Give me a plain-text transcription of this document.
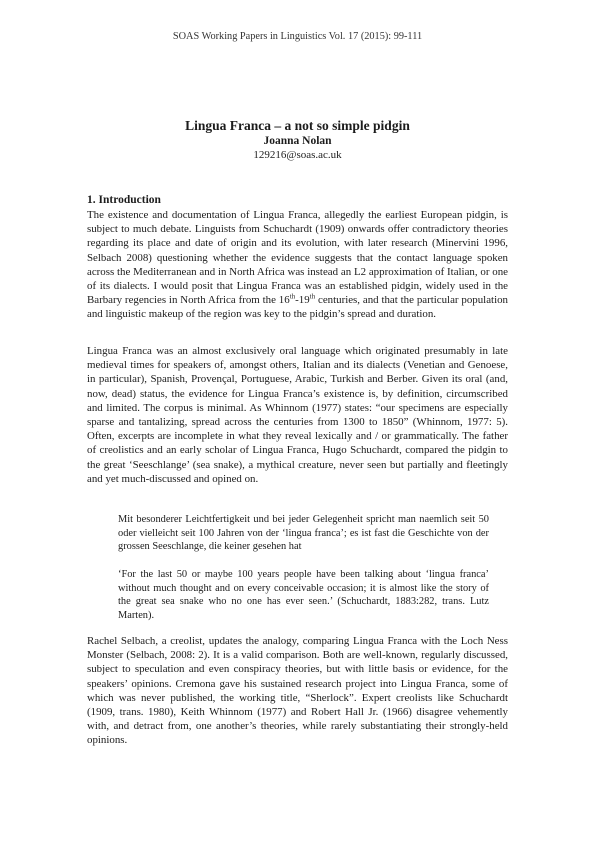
SOAS Working Papers in Linguistics Vol. 17 (2015): 99-111
Lingua Franca – a not so simple pidgin
Joanna Nolan
129216@soas.ac.uk
1. Introduction
The existence and documentation of Lingua Franca, allegedly the earliest European pidgin, is subject to much debate. Linguists from Schuchardt (1909) onwards offer contradictory theories regarding its place and date of origin and its evolution, with later research (Minervini 1996, Selbach 2008) questioning whether the evidence suggests that the contact language spoken across the Mediterranean and in North Africa was instead an L2 approximation of Italian, or one of its dialects. I would posit that Lingua Franca was an established pidgin, widely used in the Barbary regencies in North Africa from the 16th-19th centuries, and that the particular population and linguistic makeup of the region was key to the pidgin’s spread and duration.
Lingua Franca was an almost exclusively oral language which originated presumably in late medieval times for speakers of, amongst others, Italian and its dialects (Venetian and Genoese, in particular), Spanish, Provençal, Portuguese, Arabic, Turkish and Berber. Given its oral (and, now, dead) status, the evidence for Lingua Franca’s existence is, by definition, circumscribed and limited. The corpus is minimal. As Whinnom (1977) states: “our specimens are especially sparse and tantalizing, spread across the centuries from 1300 to 1850” (Whinnom, 1977: 5). Often, excerpts are incomplete in what they reveal lexically and / or grammatically. The father of creolistics and an early scholar of Lingua Franca, Hugo Schuchardt, compared the pidgin to the great ‘Seeschlange’ (sea snake), a mythical creature, never seen but partially and fleetingly and yet much-discussed and opined on.
Mit besonderer Leichtfertigkeit und bei jeder Gelegenheit spricht man naemlich seit 50 oder vielleicht seit 100 Jahren von der ‘lingua franca’; es ist fast die Geschichte von der grossen Seeschlange, die keiner gesehen hat
‘For the last 50 or maybe 100 years people have been talking about ‘lingua franca’ without much thought and on every conceivable occasion; it is almost like the story of the great sea snake who no one has ever seen.’ (Schuchardt, 1883:282, trans. Lutz Marten).
Rachel Selbach, a creolist, updates the analogy, comparing Lingua Franca with the Loch Ness Monster (Selbach, 2008: 2). It is a valid comparison. Both are well-known, regularly discussed, subject to speculation and even conspiracy theories, but with little basis or evidence, for the speakers’ opinions. Cremona gave his sustained research project into Lingua Franca, some of which was never published, the working title, “Sherlock”. Expert creolists like Schuchardt (1909, trans. 1980), Keith Whinnom (1977) and Robert Hall Jr. (1966) disagree vehemently with, and detract from, one another’s theories, while rarely substantiating their strongly-held opinions.
